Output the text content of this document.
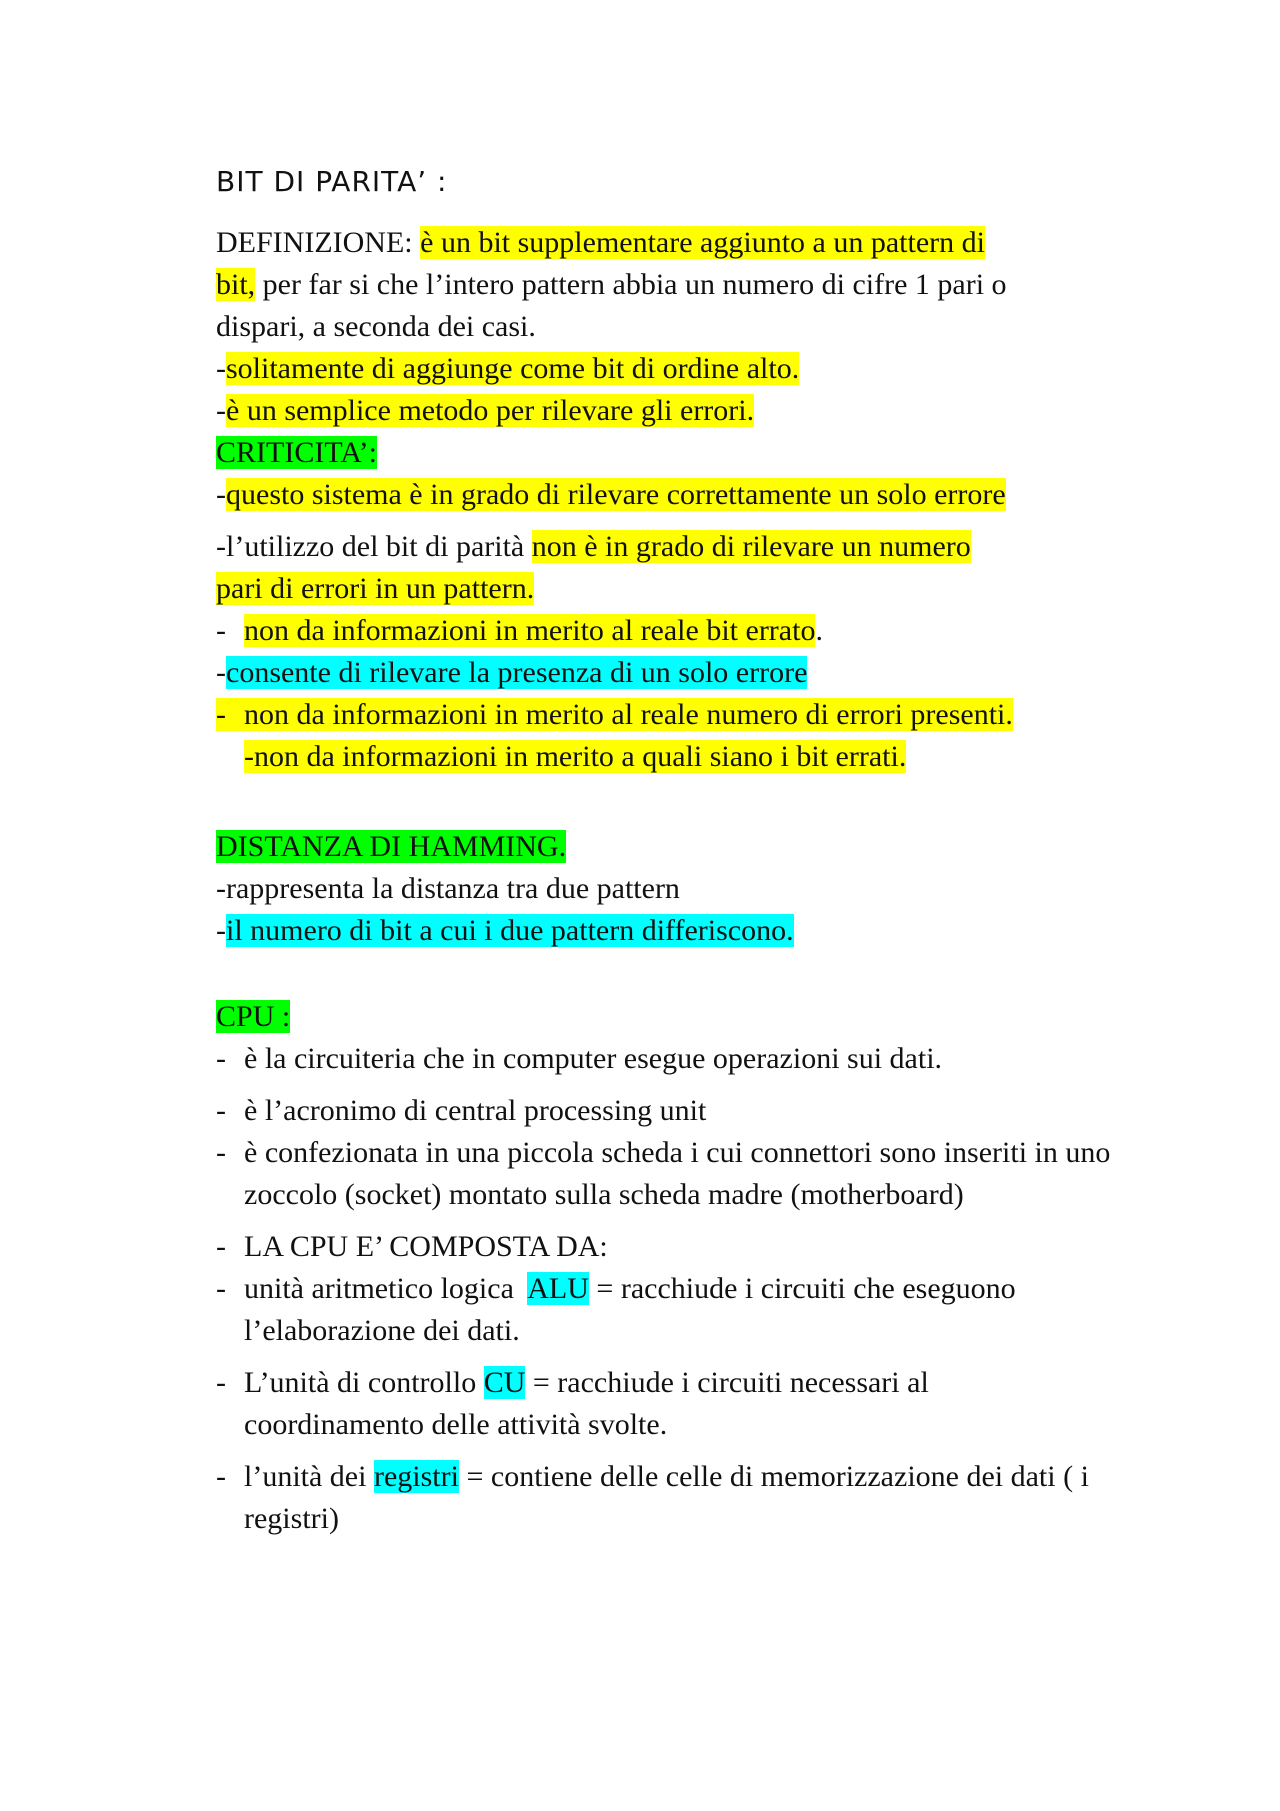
BIT DI PARITA’ :
DEFINIZIONE: è un bit supplementare aggiunto a un pattern di
bit, per far si che l’intero pattern abbia un numero di cifre 1 pari o
dispari, a seconda dei casi.
-solitamente di aggiunge come bit di ordine alto.
-è un semplice metodo per rilevare gli errori.
CRITICITA’:
-questo sistema è in grado di rilevare correttamente un solo errore
-l’utilizzo del bit di parità non è in grado di rilevare un numero
pari di errori in un pattern.
- non da informazioni in merito al reale bit errato.
-consente di rilevare la presenza di un solo errore
- non da informazioni in merito al reale numero di errori presenti.
-non da informazioni in merito a quali siano i bit errati.
DISTANZA DI HAMMING.
-rappresenta la distanza tra due pattern
-il numero di bit a cui i due pattern differiscono.
CPU :
- è la circuiteria che in computer esegue operazioni sui dati.
- è l’acronimo di central processing unit
- è confezionata in una piccola scheda i cui connettori sono inseriti in uno zoccolo (socket) montato sulla scheda madre (motherboard)
- LA CPU E’ COMPOSTA DA:
- unità aritmetico logica  ALU = racchiude i circuiti che eseguono l’elaborazione dei dati.
- L’unità di controllo CU = racchiude i circuiti necessari al coordinamento delle attività svolte.
- l’unità dei registri = contiene delle celle di memorizzazione dei dati ( i registri)
